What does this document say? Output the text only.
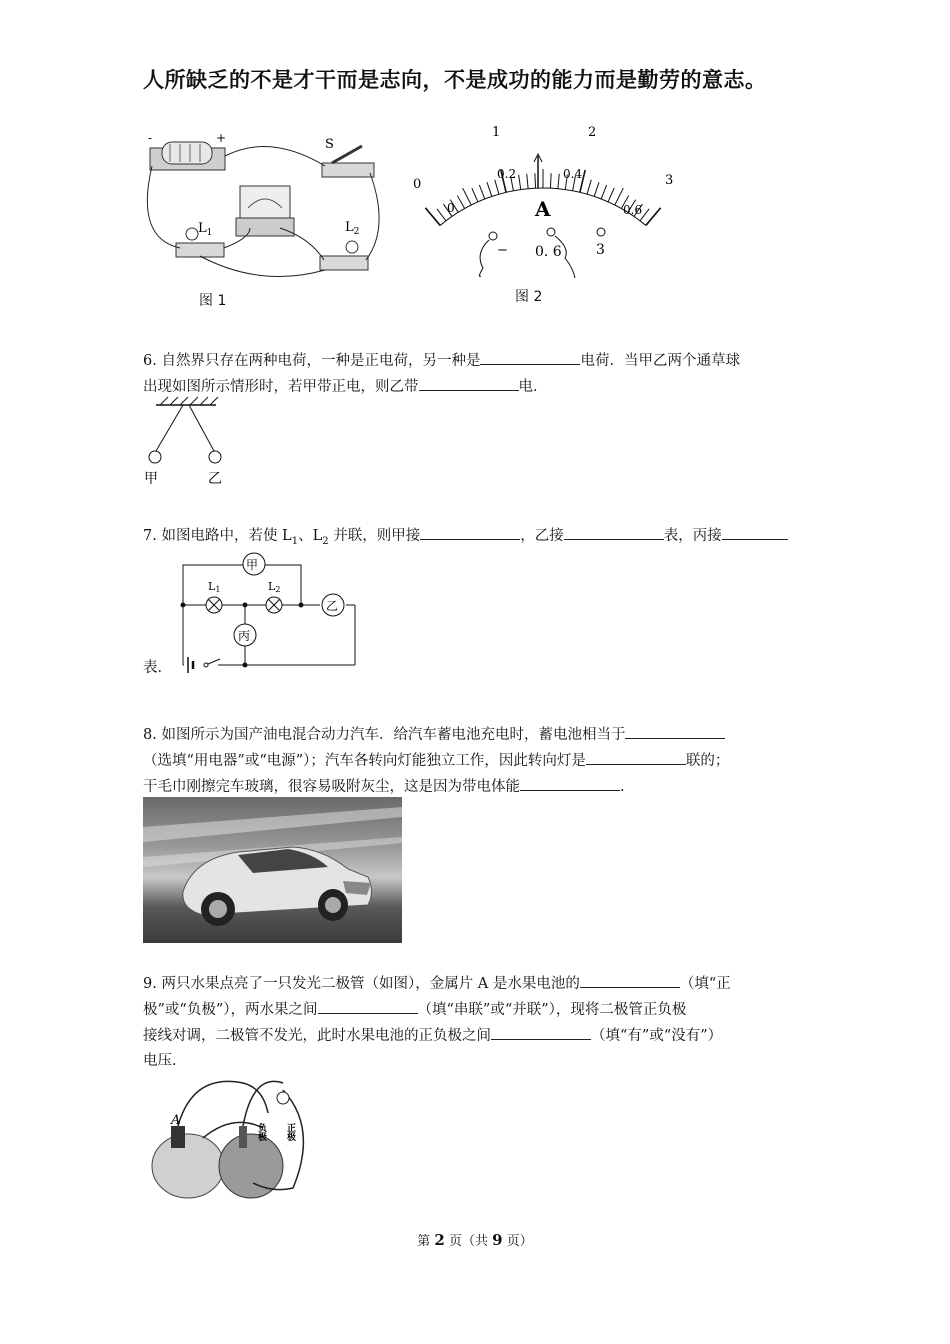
人所缺乏的不是才干而是志向，不是成功的能力而是勤劳的意志。
-	+	S
$L_1$	$L_2$
图 1
0
1	2
3
0
0.2	0.4
0.6
A
− 0. 6 3
图 2
6. 自然界只存在两种电荷，一种是正电荷，另一种是	电荷．当甲乙两个通草球
出现如图所示情形时，若甲带正电，则乙带	电．
甲	乙
7. 如图电路中，若使 $L_1$、$L_2$ 并联，则甲接	，乙接	表，丙接
甲
L1	L2
乙
丙
表．
8. 如图所示为国产油电混合动力汽车．给汽车蓄电池充电时，蓄电池相当于
（选填“用电器”或“电源”）；汽车各转向灯能独立工作，因此转向灯是	联的；
干毛巾刚擦完车玻璃，很容易吸附灰尘，这是因为带电体能	.
9. 两只水果点亮了一只发光二极管（如图），金属片 A 是水果电池的	（填“正
极”或“负极”），两水果之间	（填“串联”或“并联”），现将二极管正负极
接线对调，二极管不发光，此时水果电池的正负极之间	（填“有”或“没有”）
电压．
A
负极 正极
第 2 页（共 9 页）
